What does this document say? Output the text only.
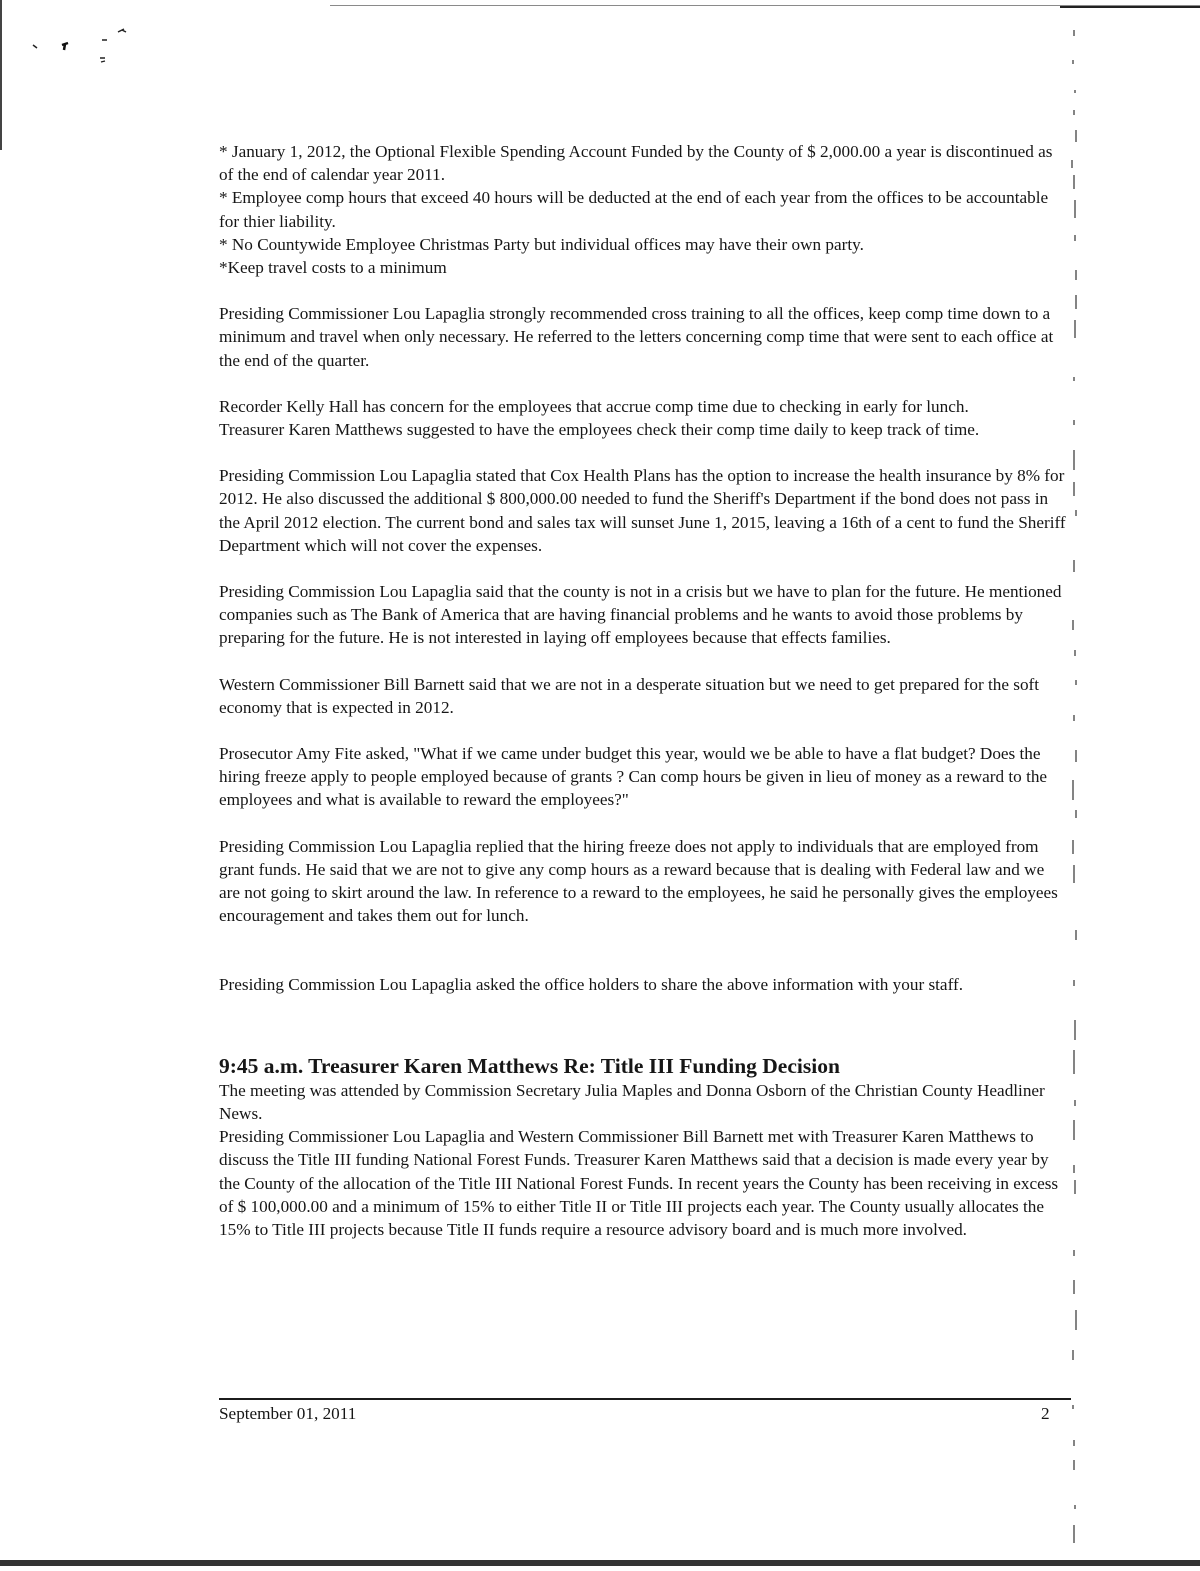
* January 1, 2012, the Optional Flexible Spending Account Funded by the County of $ 2,000.00 a year is discontinued as of the end of calendar year 2011.

* Employee comp hours that exceed 40 hours will be deducted at the end of each year from the offices to be accountable for thier liability.

* No Countywide Employee Christmas Party but individual offices may have their own party.

*Keep travel costs to a minimum

Presiding Commissioner Lou Lapaglia strongly recommended cross training to all the offices, keep comp time down to a minimum and travel when only necessary. He referred to the letters concerning comp time that were sent to each office at the end of the quarter.

Recorder Kelly Hall has concern for the employees that accrue comp time due to checking in early for lunch.

Treasurer Karen Matthews suggested to have the employees check their comp time daily to keep track of time.

Presiding Commission Lou Lapaglia stated that Cox Health Plans has the option to increase the health insurance by 8% for 2012. He also discussed the additional $ 800,000.00 needed to fund the Sheriff's Department if the bond does not pass in the April 2012 election. The current bond and sales tax will sunset June 1, 2015, leaving a 16th of a cent to fund the Sheriff Department which will not cover the expenses.

Presiding Commission Lou Lapaglia said that the county is not in a crisis but we have to plan for the future. He mentioned companies such as The Bank of America that are having financial problems and he wants to avoid those problems by preparing for the future. He is not interested in laying off employees because that effects families.

Western Commissioner Bill Barnett said that we are not in a desperate situation but we need to get prepared for the soft economy that is expected in 2012.

Prosecutor Amy Fite asked, "What if we came under budget this year, would we be able to have a flat budget? Does the hiring freeze apply to people employed because of grants ? Can comp hours be given in lieu of money as a reward to the employees and what is available to reward the employees?"

Presiding Commission Lou Lapaglia replied that the hiring freeze does not apply to individuals that are employed from grant funds. He said that we are not to give any comp hours as a reward because that is dealing with Federal law and we are not going to skirt around the law. In reference to a reward to the employees, he said he personally gives the employees encouragement and takes them out for lunch.

Presiding Commission Lou Lapaglia asked the office holders to share the above information with your staff.

9:45 a.m. Treasurer Karen Matthews Re: Title III Funding Decision

The meeting was attended by Commission Secretary Julia Maples and Donna Osborn of the Christian County Headliner News.

Presiding Commissioner Lou Lapaglia and Western Commissioner Bill Barnett met with Treasurer Karen Matthews to discuss the Title III funding National Forest Funds. Treasurer Karen Matthews said that a decision is made every year by the County of the allocation of the Title III National Forest Funds. In recent years the County has been receiving in excess of $ 100,000.00 and a minimum of 15% to either Title II or Title III projects each year. The County usually allocates the 15% to Title III projects because Title II funds require a resource advisory board and is much more involved.

September 01, 2011	2
